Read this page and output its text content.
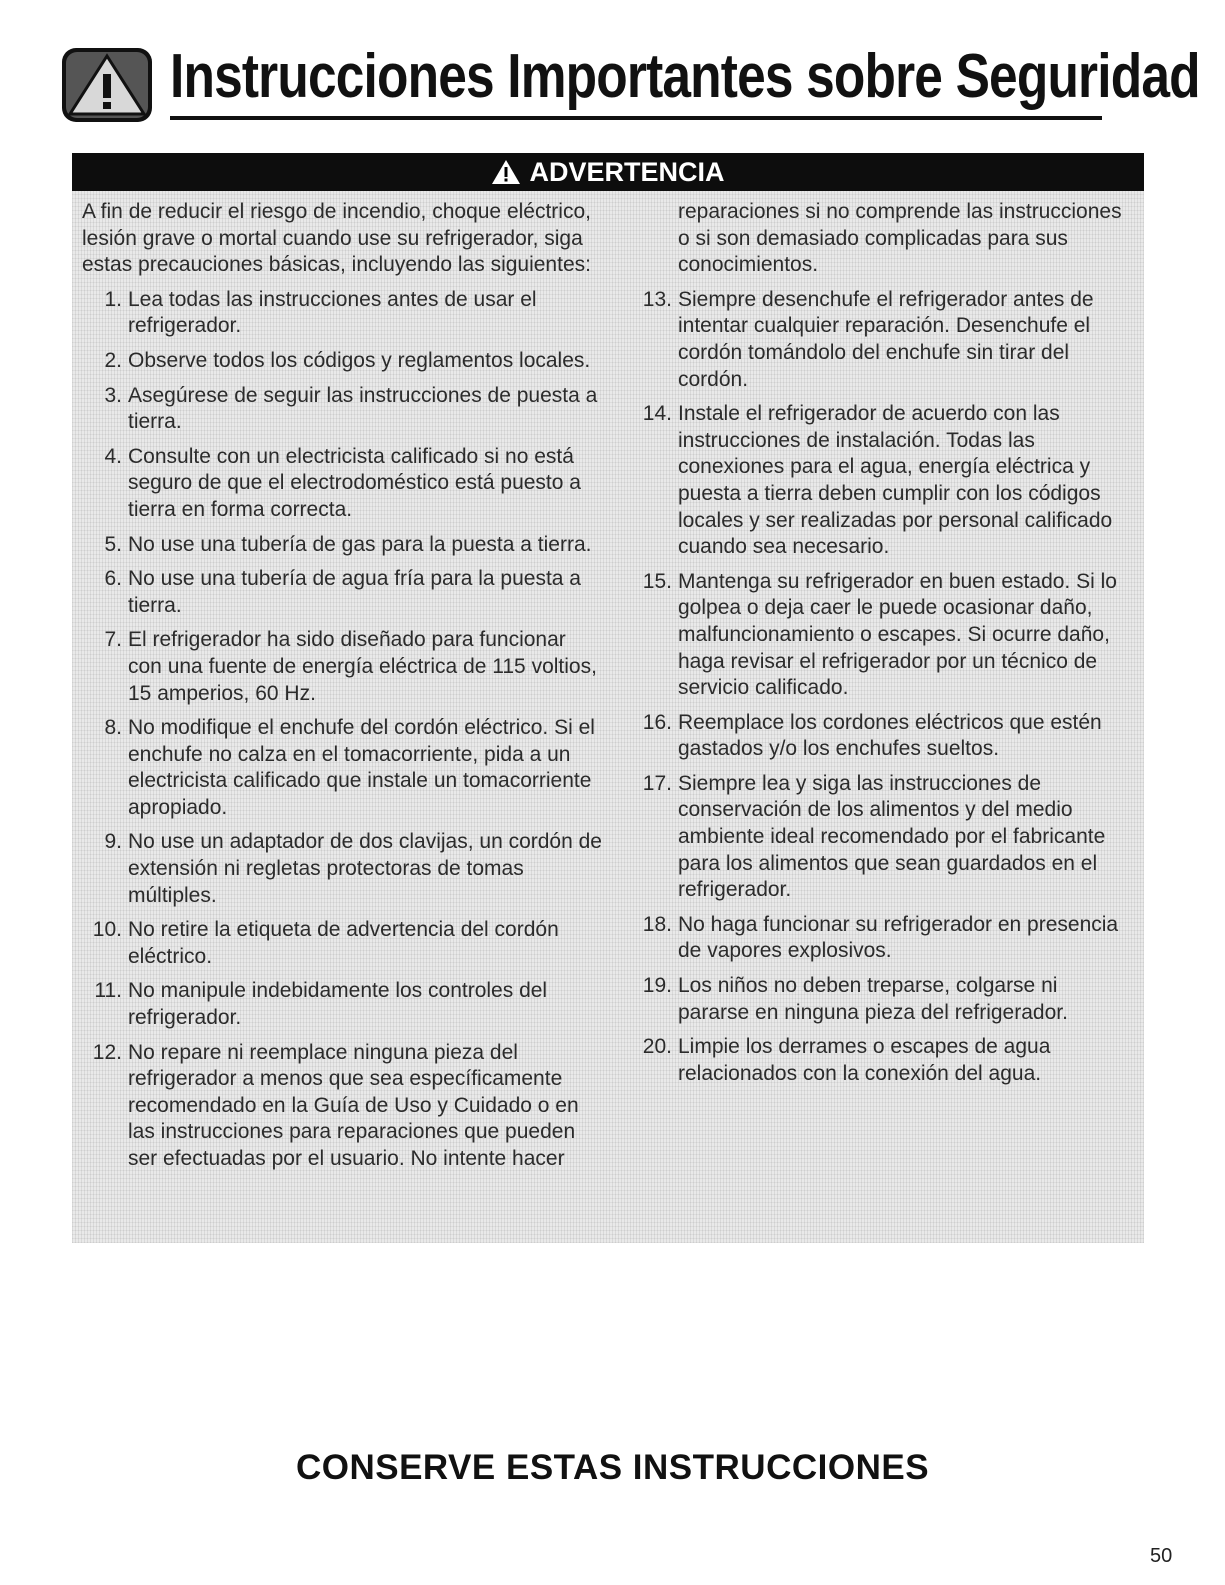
Instrucciones Importantes sobre Seguridad
ADVERTENCIA

A fin de reducir el riesgo de incendio, choque eléctrico, lesión grave o mortal cuando use su refrigerador, siga estas precauciones básicas, incluyendo las siguientes:

1. Lea todas las instrucciones antes de usar el refrigerador.
2. Observe todos los códigos y reglamentos locales.
3. Asegúrese de seguir las instrucciones de puesta a tierra.
4. Consulte con un electricista calificado si no está seguro de que el electrodoméstico está puesto a tierra en forma correcta.
5. No use una tubería de gas para la puesta a tierra.
6. No use una tubería de agua fría para la puesta a tierra.
7. El refrigerador ha sido diseñado para funcionar con una fuente de energía eléctrica de 115 voltios, 15 amperios, 60 Hz.
8. No modifique el enchufe del cordón eléctrico. Si el enchufe no calza en el tomacorriente, pida a un electricista calificado que instale un tomacorriente apropiado.
9. No use un adaptador de dos clavijas, un cordón de extensión ni regletas protectoras de tomas múltiples.
10. No retire la etiqueta de advertencia del cordón eléctrico.
11. No manipule indebidamente los controles del refrigerador.
12. No repare ni reemplace ninguna pieza del refrigerador a menos que sea específicamente recomendado en la Guía de Uso y Cuidado o en las instrucciones para reparaciones que pueden ser efectuadas por el usuario. No intente hacer

reparaciones si no comprende las instrucciones o si son demasiado complicadas para sus conocimientos.

13. Siempre desenchufe el refrigerador antes de intentar cualquier reparación. Desenchufe el cordón tomándolo del enchufe sin tirar del cordón.
14. Instale el refrigerador de acuerdo con las instrucciones de instalación. Todas las conexiones para el agua, energía eléctrica y puesta a tierra deben cumplir con los códigos locales y ser realizadas por personal calificado cuando sea necesario.
15. Mantenga su refrigerador en buen estado. Si lo golpea o deja caer le puede ocasionar daño, malfuncionamiento o escapes. Si ocurre daño, haga revisar el refrigerador por un técnico de servicio calificado.
16. Reemplace los cordones eléctricos que estén gastados y/o los enchufes sueltos.
17. Siempre lea y siga las instrucciones de conservación de los alimentos y del medio ambiente ideal recomendado por el fabricante para los alimentos que sean guardados en el refrigerador.
18. No haga funcionar su refrigerador en presencia de vapores explosivos.
19. Los niños no deben treparse, colgarse ni pararse en ninguna pieza del refrigerador.
20. Limpie los derrames o escapes de agua relacionados con la conexión del agua.
CONSERVE ESTAS INSTRUCCIONES
50
